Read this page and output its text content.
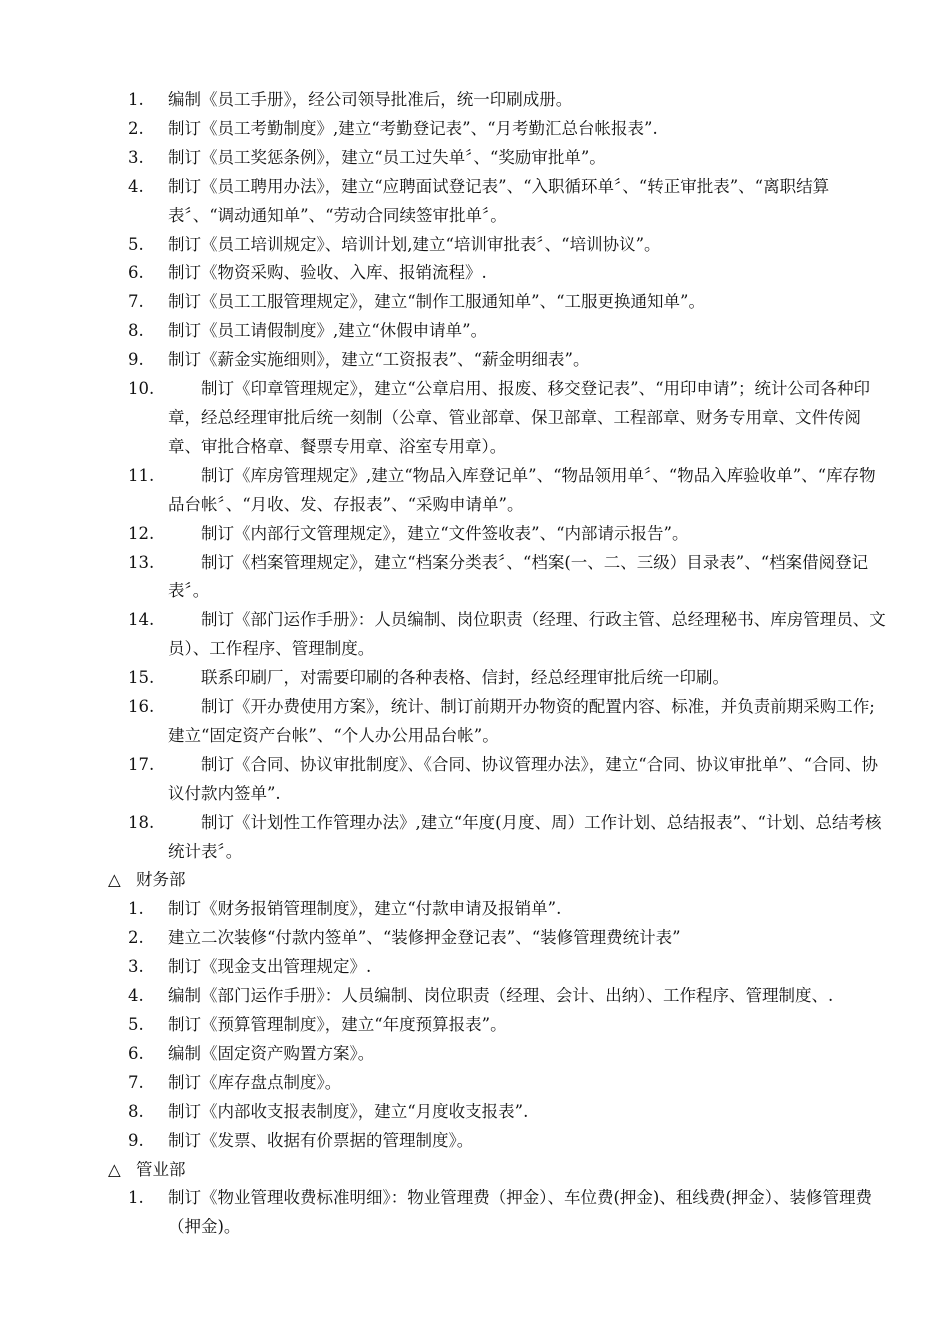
1. 编制《员工手册》，经公司领导批准后，统一印刷成册。
2. 制订《员工考勤制度》,建立“考勤登记表”、“月考勤汇总台帐报表”.
3. 制订《员工奖惩条例》，建立“员工过失单〞、“奖励审批单”。
4. 制订《员工聘用办法》，建立“应聘面试登记表”、“入职循环单〞、“转正审批表”、“离职结算表〞、“调动通知单”、“劳动合同续签审批单〞。
5. 制订《员工培训规定》、培训计划,建立“培训审批表〞、“培训协议”。
6. 制订《物资采购、验收、入库、报销流程》.
7. 制订《员工工服管理规定》，建立“制作工服通知单”、“工服更换通知单”。
8. 制订《员工请假制度》,建立“休假申请单”。
9. 制订《薪金实施细则》，建立“工资报表”、“薪金明细表”。
10.	制订《印章管理规定》，建立“公章启用、报废、移交登记表”、“用印申请”；统计公司各种印章，经总经理审批后统一刻制（公章、管业部章、保卫部章、工程部章、财务专用章、文件传阅章、审批合格章、餐票专用章、浴室专用章）。
11.	制订《库房管理规定》,建立“物品入库登记单”、“物品领用单〞、“物品入库验收单”、“库存物品台帐〞、“月收、发、存报表”、“采购申请单”。
12.	制订《内部行文管理规定》，建立“文件签收表”、“内部请示报告”。
13.	制订《档案管理规定》，建立“档案分类表〞、“档案(一、二、三级）目录表”、“档案借阅登记表〞。
14.	制订《部门运作手册》：人员编制、岗位职责（经理、行政主管、总经理秘书、库房管理员、文员）、工作程序、管理制度。
15.	联系印刷厂，对需要印刷的各种表格、信封，经总经理审批后统一印刷。
16.	制订《开办费使用方案》，统计、制订前期开办物资的配置内容、标准，并负责前期采购工作;建立“固定资产台帐”、“个人办公用品台帐”。
17.	制订《合同、协议审批制度》、《合同、协议管理办法》，建立“合同、协议审批单”、“合同、协议付款内签单”.
18.	制订《计划性工作管理办法》,建立“年度(月度、周）工作计划、总结报表”、“计划、总结考核统计表〞。
△ 财务部
1. 制订《财务报销管理制度》，建立“付款申请及报销单”.
2. 建立二次装修“付款内签单”、“装修押金登记表”、“装修管理费统计表”
3. 制订《现金支出管理规定》.
4. 编制《部门运作手册》：人员编制、岗位职责（经理、会计、出纳）、工作程序、管理制度、.
5. 制订《预算管理制度》，建立“年度预算报表”。
6. 编制《固定资产购置方案》。
7. 制订《库存盘点制度》。
8. 制订《内部收支报表制度》，建立“月度收支报表”.
9. 制订《发票、收据有价票据的管理制度》。
△ 管业部
1. 制订《物业管理收费标准明细》：物业管理费（押金）、车位费(押金)、租线费(押金）、装修管理费（押金)。
